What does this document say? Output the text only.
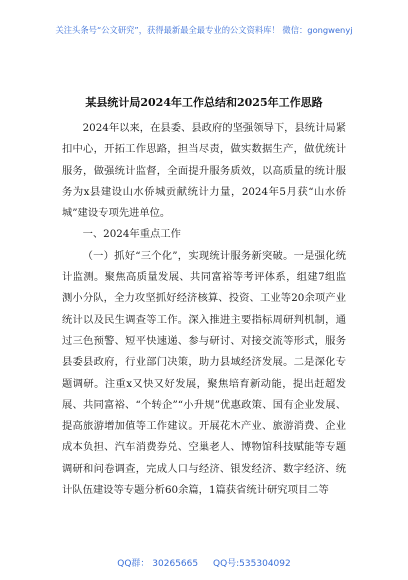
关注头条号“公文研究”，获得最新最全最专业的公文资料库！ 微信：gongwenyj
某县统计局2024年工作总结和2025年工作思路

2024年以来，在县委、县政府的坚强领导下，县统计局紧扣中心，开拓工作思路，担当尽责，做实数据生产，做优统计服务，做强统计监督，全面提升服务质效，以高质量的统计服务为x县建设山水侨城贡献统计力量，2024年5月获“山水侨城”建设专项先进单位。

一、2024年重点工作

（一）抓好“三个化”，实现统计服务新突破。一是强化统计监测。聚焦高质量发展、共同富裕等考评体系，组建7组监测小分队，全力攻坚抓好经济核算、投资、工业等20余项产业统计以及民生调查等工作。深入推进主要指标周研判机制，通过三色预警、短平快速递、参与研讨、对接交流等形式，服务县委县政府，行业部门决策，助力县域经济发展。二是深化专题调研。注重x又快又好发展，聚焦培育新动能，提出赶超发展、共同富裕、“个转企”“小升规”优惠政策、国有企业发展、提高旅游增加值等工作建议。开展花木产业、旅游消费、企业成本负担、汽车消费券兑、空巢老人、博物馆科技赋能等专题调研和问卷调查，完成人口与经济、银发经济、数字经济、统计队伍建设等专题分析60余篇，1篇获省统计研究项目二等

QQ群： 30265665 QQ号:535304092
